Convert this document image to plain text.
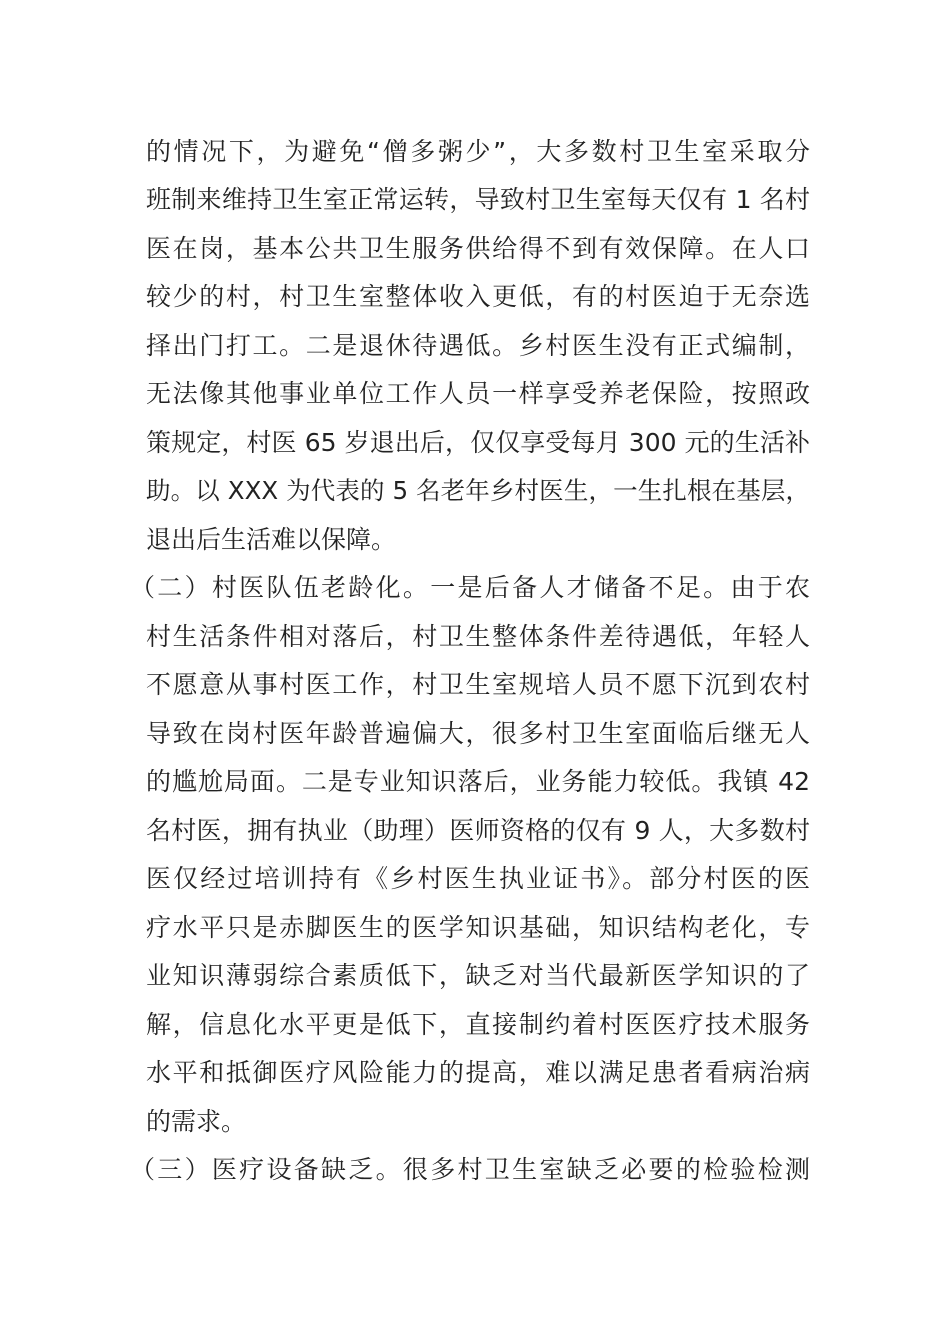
的情况下，为避免“僧多粥少”，大多数村卫生室采取分
班制来维持卫生室正常运转，导致村卫生室每天仅有 1 名村
医在岗，基本公共卫生服务供给得不到有效保障。在人口
较少的村，村卫生室整体收入更低，有的村医迫于无奈选
择出门打工。二是退休待遇低。乡村医生没有正式编制，
无法像其他事业单位工作人员一样享受养老保险，按照政
策规定，村医 65 岁退出后，仅仅享受每月 300 元的生活补
助。以 XXX 为代表的 5 名老年乡村医生，一生扎根在基层，
退出后生活难以保障。
（二）村医队伍老龄化。一是后备人才储备不足。由于农
村生活条件相对落后，村卫生整体条件差待遇低，年轻人
不愿意从事村医工作，村卫生室规培人员不愿下沉到农村
导致在岗村医年龄普遍偏大，很多村卫生室面临后继无人
的尴尬局面。二是专业知识落后，业务能力较低。我镇 42
名村医，拥有执业（助理）医师资格的仅有 9 人，大多数村
医仅经过培训持有《乡村医生执业证书》。部分村医的医
疗水平只是赤脚医生的医学知识基础，知识结构老化，专
业知识薄弱综合素质低下，缺乏对当代最新医学知识的了
解，信息化水平更是低下，直接制约着村医医疗技术服务
水平和抵御医疗风险能力的提高，难以满足患者看病治病
的需求。
（三）医疗设备缺乏。很多村卫生室缺乏必要的检验检测
